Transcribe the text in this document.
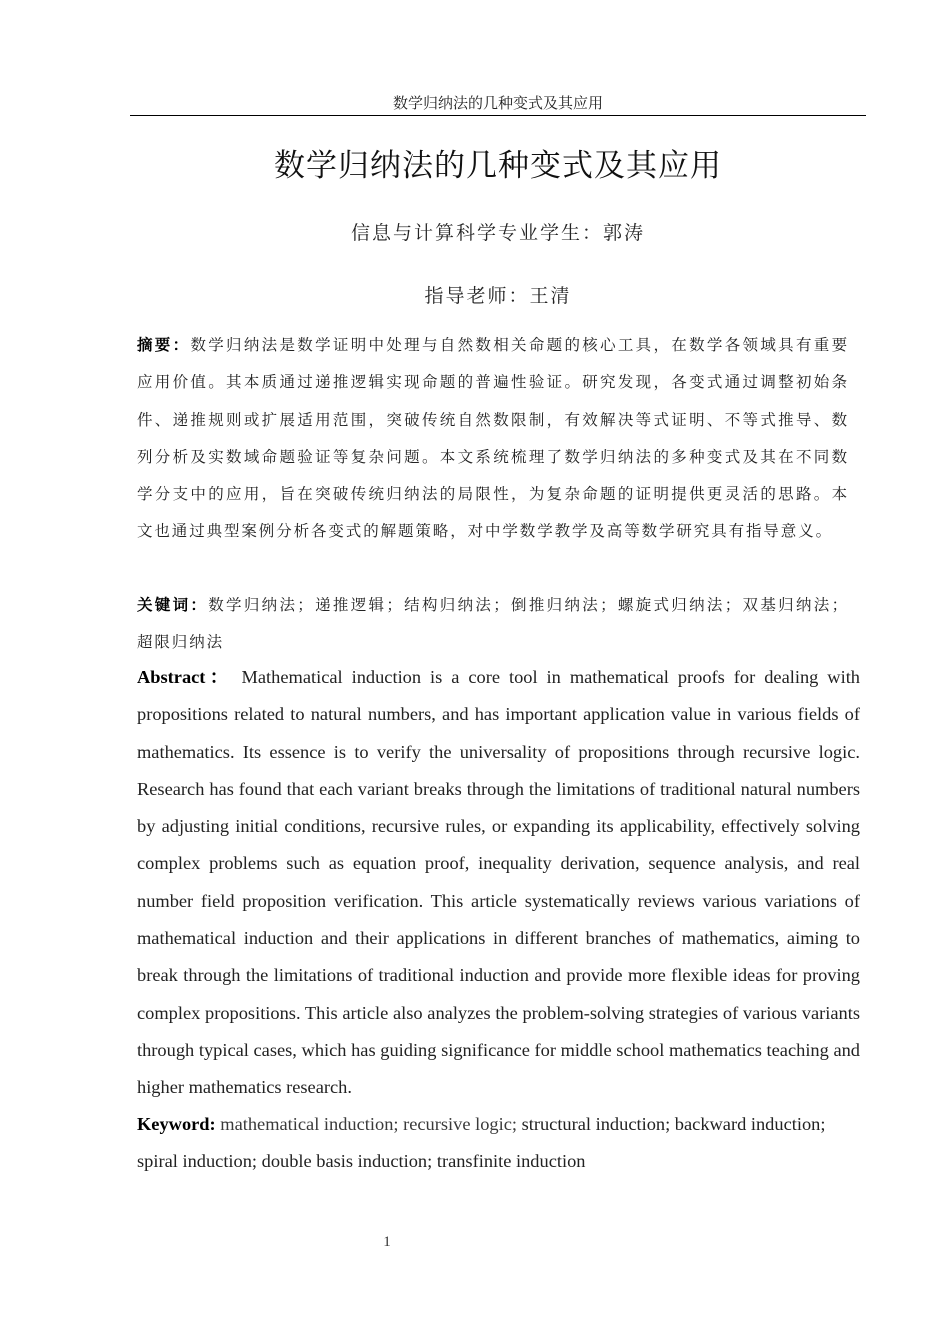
数学归纳法的几种变式及其应用
数学归纳法的几种变式及其应用
信息与计算科学专业学生：郭涛
指导老师：王清
摘要：数学归纳法是数学证明中处理与自然数相关命题的核心工具，在数学各领域具有重要应用价值。其本质通过递推逻辑实现命题的普遍性验证。研究发现，各变式通过调整初始条件、递推规则或扩展适用范围，突破传统自然数限制，有效解决等式证明、不等式推导、数列分析及实数域命题验证等复杂问题。本文系统梳理了数学归纳法的多种变式及其在不同数学分支中的应用，旨在突破传统归纳法的局限性，为复杂命题的证明提供更灵活的思路。本文也通过典型案例分析各变式的解题策略，对中学数学教学及高等数学研究具有指导意义。
关键词：数学归纳法；递推逻辑；结构归纳法；倒推归纳法；螺旋式归纳法；双基归纳法；超限归纳法
Abstract： Mathematical induction is a core tool in mathematical proofs for dealing with propositions related to natural numbers, and has important application value in various fields of mathematics. Its essence is to verify the universality of propositions through recursive logic. Research has found that each variant breaks through the limitations of traditional natural numbers by adjusting initial conditions, recursive rules, or expanding its applicability, effectively solving complex problems such as equation proof, inequality derivation, sequence analysis, and real number field proposition verification. This article systematically reviews various variations of mathematical induction and their applications in different branches of mathematics, aiming to break through the limitations of traditional induction and provide more flexible ideas for proving complex propositions. This article also analyzes the problem-solving strategies of various variants through typical cases, which has guiding significance for middle school mathematics teaching and higher mathematics research.
Keyword: mathematical induction; recursive logic; structural induction; backward induction; spiral induction; double basis induction; transfinite induction
1
